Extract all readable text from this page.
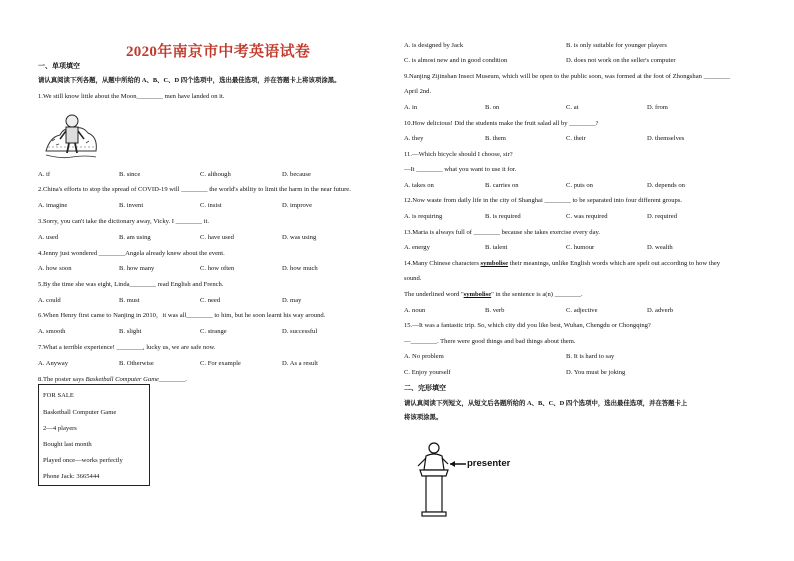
2020年南京市中考英语试卷
一、单项填空
请认真阅读下列各题，从题中所给的 A、B、C、D 四个选项中，选出最佳选项，并在答题卡上将该项涂黑。
1.We still know little about the Moon________ men have landed on it.
A. if	B. since	C. although	D. because
2.China's efforts to stop the spread of COVID-19 will ________ the world's ability to limit the harm in the near future.
A. imagine	B. invent	C. insist	D. improve
3.Sorry, you can't take the dictionary away, Vicky. I ________ it.
A. used	B. am using	C. have used	D. was using
4.Jenny just wondered ________Angela already knew about the event.
A. how soon	B. how many	C. how often	D. how much
5.By the time she was eight, Linda________ read English and French.
A. could	B. must	C. need	D. may
6.When Henry first came to Nanjing in 2010，it was all________ to him, but he soon learnt his way around.
A. smooth	B. slight	C. strange	D. successful
7.What a terrible experience! ________, lucky us, we are safe now.
A. Anyway	B. Otherwise	C. For example	D. As a result
8.The poster says Basketball Computer Game________.
FOR SALE
Basketball Computer Game
2—4 players
Bought last month
Played once—works perfectly
Phone Jack: 3665444
A. is designed by Jack	B. is only suitable for younger players
C. is almost new and in good condition	D. does not work on the seller's computer
9.Nanjing Zijinshan Insect Museum, which will be open to the public soon, was formed at the foot of Zhongshan ________
April 2nd.
A. in	B. on	C. at	D. from
10.How delicious! Did the students make the fruit salad all by ________?
A. they	B. them	C. their	D. themselves
11.—Which bicycle should I choose, sir?
—It ________ what you want to use it for.
A. takes on	B. carries on	C. puts on	D. depends on
12.Now waste from daily life in the city of Shanghai ________ to be separated into four different groups.
A. is requiring	B. is required	C. was required	D. required
13.Maria is always full of ________ because she takes exercise every day.
A. energy	B. talent	C. humour	D. wealth
14.Many Chinese characters symbolise their meanings, unlike English words which are spelt out according to how they
sound.
The underlined word "symbolise" in the sentence is a(n) ________.
A. noun	B. verb	C. adjective	D. adverb
15.—It was a fantastic trip. So, which city did you like best, Wuhan, Chengdu or Chongqing?
—________. There were good things and bad things about them.
A. No problem	B. It is hard to say
C. Enjoy yourself	D. You must be joking
二、完形填空
请认真阅读下列短文，从短文后各题所给的 A、B、C、D 四个选项中，选出最佳选项，并在答题卡上
将该项涂黑。
presenter
